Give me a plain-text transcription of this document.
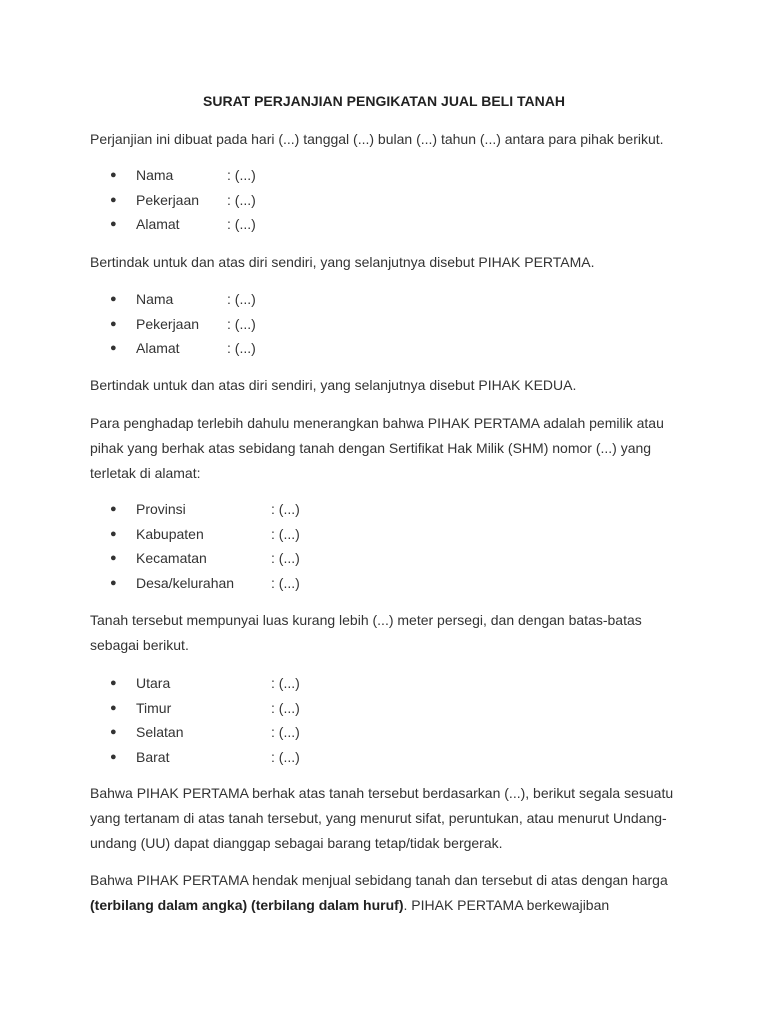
SURAT PERJANJIAN PENGIKATAN JUAL BELI TANAH

Perjanjian ini dibuat pada hari (...) tanggal (...) bulan (...) tahun (...) antara para pihak berikut.

● Nama	: (...)
● Pekerjaan : (...)
● Alamat	: (...)

Bertindak untuk dan atas diri sendiri, yang selanjutnya disebut PIHAK PERTAMA.

● Nama	: (...)
● Pekerjaan : (...)
● Alamat	: (...)

Bertindak untuk dan atas diri sendiri, yang selanjutnya disebut PIHAK KEDUA.

Para penghadap terlebih dahulu menerangkan bahwa PIHAK PERTAMA adalah pemilik atau pihak yang berhak atas sebidang tanah dengan Sertifikat Hak Milik (SHM) nomor (...) yang terletak di alamat:

● Provinsi	: (...)
● Kabupaten	: (...)
● Kecamatan	: (...)
● Desa/kelurahan	: (...)

Tanah tersebut mempunyai luas kurang lebih (...) meter persegi, dan dengan batas-batas sebagai berikut.

● Utara	: (...)
● Timur	: (...)
● Selatan	: (...)
● Barat	: (...)

Bahwa PIHAK PERTAMA berhak atas tanah tersebut berdasarkan (...), berikut segala sesuatu yang tertanam di atas tanah tersebut, yang menurut sifat, peruntukan, atau menurut Undang-undang (UU) dapat dianggap sebagai barang tetap/tidak bergerak.

Bahwa PIHAK PERTAMA hendak menjual sebidang tanah dan tersebut di atas dengan harga (terbilang dalam angka) (terbilang dalam huruf). PIHAK PERTAMA berkewajiban
